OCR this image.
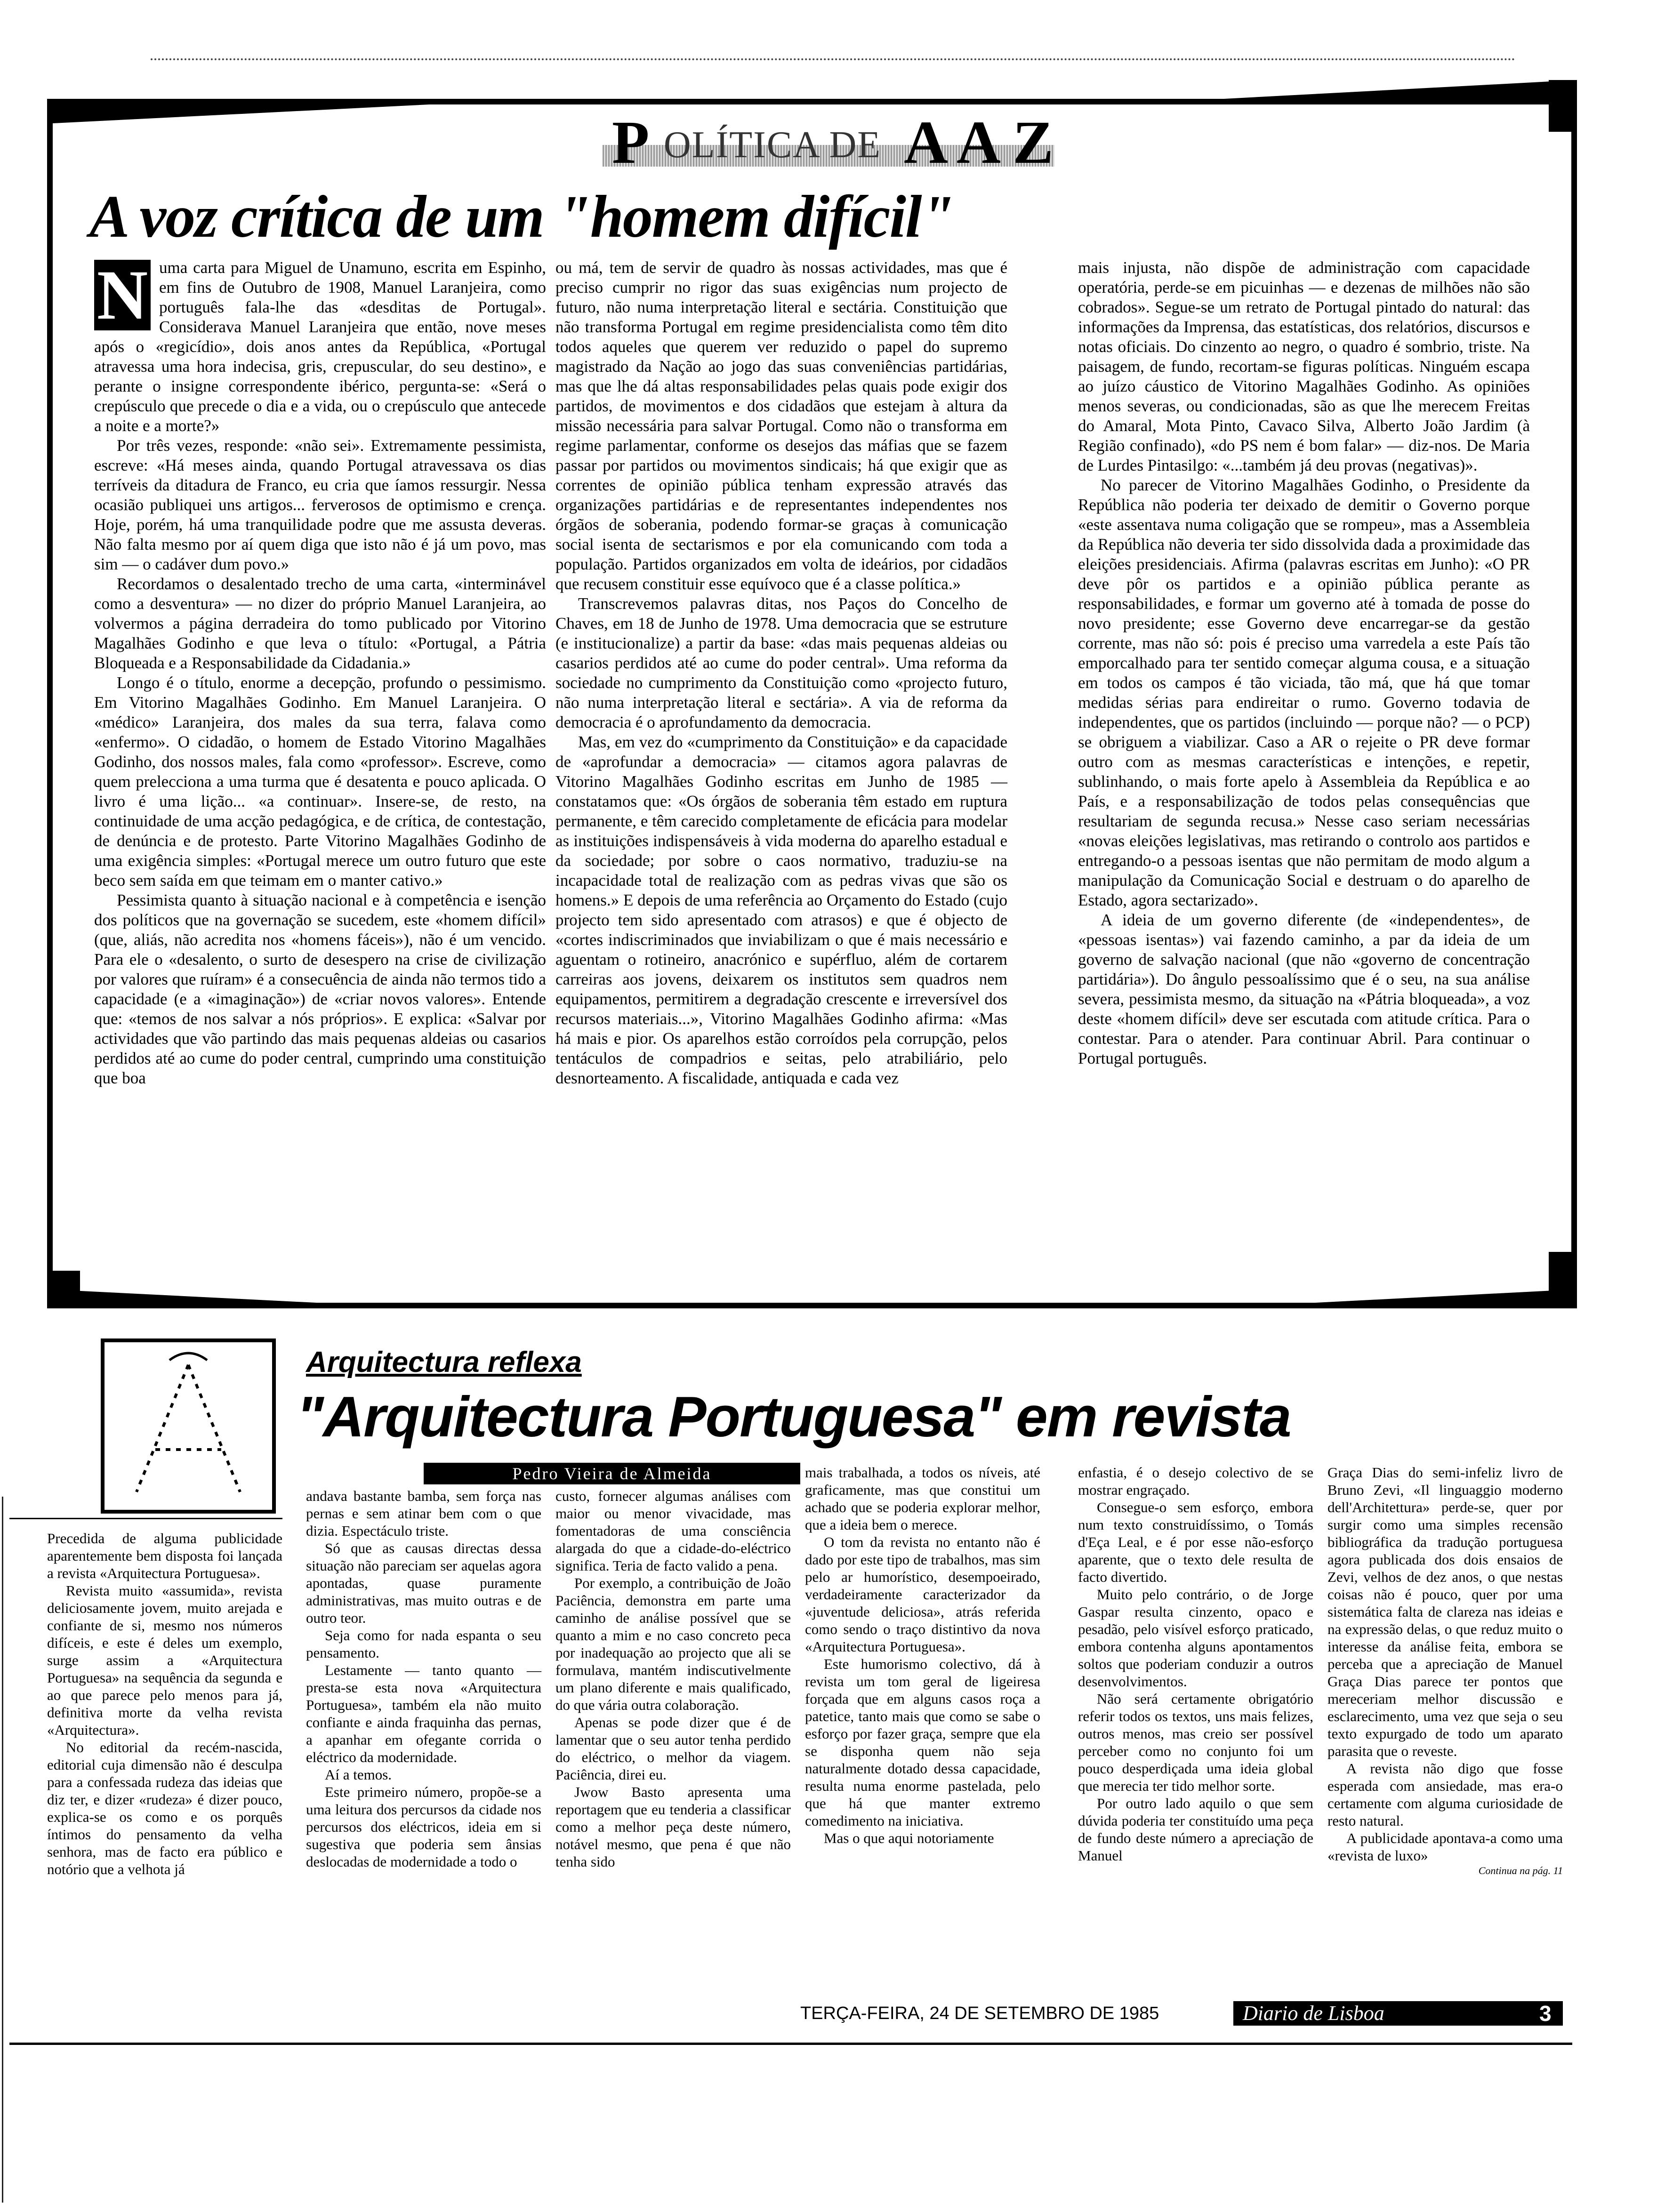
P OLÍTICA DE A A Z
A voz crítica de um "homem difícil"
N uma carta para Miguel de Unamuno, escrita em Espinho, em fins de Outubro de 1908, Manuel Laranjeira, como português fala-lhe das «desditas de Portugal». Considerava Manuel Laranjeira que então, nove meses após o «regicídio», dois anos antes da República, «Portugal atravessa uma hora indecisa, gris, crepuscular, do seu destino», e perante o insigne correspondente ibérico, pergunta-se: «Será o crepúsculo que precede o dia e a vida, ou o crepúsculo que antecede a noite e a morte?»

Por três vezes, responde: «não sei». Extremamente pessimista, escreve: «Há meses ainda, quando Portugal atravessava os dias terríveis da ditadura de Franco, eu cria que íamos ressurgir. Nessa ocasião publiquei uns artigos... ferverosos de optimismo e crença. Hoje, porém, há uma tranquilidade podre que me assusta deveras. Não falta mesmo por aí quem diga que isto não é já um povo, mas sim — o cadáver dum povo.»

Recordamos o desalentado trecho de uma carta, «interminável como a desventura» — no dizer do próprio Manuel Laranjeira, ao volvermos a página derradeira do tomo publicado por Vitorino Magalhães Godinho e que leva o título: «Portugal, a Pátria Bloqueada e a Responsabilidade da Cidadania.»

Longo é o título, enorme a decepção, profundo o pessimismo. Em Vitorino Magalhães Godinho. Em Manuel Laranjeira. O «médico» Laranjeira, dos males da sua terra, falava como «enfermo». O cidadão, o homem de Estado Vitorino Magalhães Godinho, dos nossos males, fala como «professor». Escreve, como quem prelecciona a uma turma que é desatenta e pouco aplicada. O livro é uma lição... «a continuar». Insere-se, de resto, na continuidade de uma acção pedagógica, e de crítica, de contestação, de denúncia e de protesto. Parte Vitorino Magalhães Godinho de uma exigência simples: «Portugal merece um outro futuro que este beco sem saída em que teimam em o manter cativo.»

Pessimista quanto à situação nacional e à competência e isenção dos políticos que na governação se sucedem, este «homem difícil» (que, aliás, não acredita nos «homens fáceis»), não é um vencido. Para ele o «desalento, o surto de desespero na crise de civilização por valores que ruíram» é a consecuência de ainda não termos tido a capacidade (e a «imaginação») de «criar novos valores». Entende que: «temos de nos salvar a nós próprios». E explica: «Salvar por actividades que vão partindo das mais pequenas aldeias ou casarios perdidos até ao cume do poder central, cumprindo uma constituição que boa

ou má, tem de servir de quadro às nossas actividades, mas que é preciso cumprir no rigor das suas exigências num projecto de futuro, não numa interpretação literal e sectária. Constituição que não transforma Portugal em regime presidencialista como têm dito todos aqueles que querem ver reduzido o papel do supremo magistrado da Nação ao jogo das suas conveniências partidárias, mas que lhe dá altas responsabilidades pelas quais pode exigir dos partidos, de movimentos e dos cidadãos que estejam à altura da missão necessária para salvar Portugal. Como não o transforma em regime parlamentar, conforme os desejos das máfias que se fazem passar por partidos ou movimentos sindicais; há que exigir que as correntes de opinião pública tenham expressão através das organizações partidárias e de representantes independentes nos órgãos de soberania, podendo formar-se graças à comunicação social isenta de sectarismos e por ela comunicando com toda a população. Partidos organizados em volta de ideários, por cidadãos que recusem constituir esse equívoco que é a classe política.»

Transcrevemos palavras ditas, nos Paços do Concelho de Chaves, em 18 de Junho de 1978. Uma democracia que se estruture (e institucionalize) a partir da base: «das mais pequenas aldeias ou casarios perdidos até ao cume do poder central». Uma reforma da sociedade no cumprimento da Constituição como «projecto futuro, não numa interpretação literal e sectária». A via de reforma da democracia é o aprofundamento da democracia.

Mas, em vez do «cumprimento da Constituição» e da capacidade de «aprofundar a democracia» — citamos agora palavras de Vitorino Magalhães Godinho escritas em Junho de 1985 — constatamos que: «Os órgãos de soberania têm estado em ruptura permanente, e têm carecido completamente de eficácia para modelar as instituições indispensáveis à vida moderna do aparelho estadual e da sociedade; por sobre o caos normativo, traduziu-se na incapacidade total de realização com as pedras vivas que são os homens.» E depois de uma referência ao Orçamento do Estado (cujo projecto tem sido apresentado com atrasos) e que é objecto de «cortes indiscriminados que inviabilizam o que é mais necessário e aguentam o rotineiro, anacrónico e supérfluo, além de cortarem carreiras aos jovens, deixarem os institutos sem quadros nem equipamentos, permitirem a degradação crescente e irreversível dos recursos materiais...», Vitorino Magalhães Godinho afirma: «Mas há mais e pior. Os aparelhos estão corroídos pela corrupção, pelos tentáculos de compadrios e seitas, pelo atrabiliário, pelo desnorteamento. A fiscalidade, antiquada e cada vez

mais injusta, não dispõe de administração com capacidade operatória, perde-se em picuinhas — e dezenas de milhões não são cobrados». Segue-se um retrato de Portugal pintado do natural: das informações da Imprensa, das estatísticas, dos relatórios, discursos e notas oficiais. Do cinzento ao negro, o quadro é sombrio, triste. Na paisagem, de fundo, recortam-se figuras políticas. Ninguém escapa ao juízo cáustico de Vitorino Magalhães Godinho. As opiniões menos severas, ou condicionadas, são as que lhe merecem Freitas do Amaral, Mota Pinto, Cavaco Silva, Alberto João Jardim (à Região confinado), «do PS nem é bom falar» — diz-nos. De Maria de Lurdes Pintasilgo: «...também já deu provas (negativas)».

No parecer de Vitorino Magalhães Godinho, o Presidente da República não poderia ter deixado de demitir o Governo porque «este assentava numa coligação que se rompeu», mas a Assembleia da República não deveria ter sido dissolvida dada a proximidade das eleições presidenciais. Afirma (palavras escritas em Junho): «O PR deve pôr os partidos e a opinião pública perante as responsabilidades, e formar um governo até à tomada de posse do novo presidente; esse Governo deve encarregar-se da gestão corrente, mas não só: pois é preciso uma varredela a este País tão emporcalhado para ter sentido começar alguma cousa, e a situação em todos os campos é tão viciada, tão má, que há que tomar medidas sérias para endireitar o rumo. Governo todavia de independentes, que os partidos (incluindo — porque não? — o PCP) se obriguem a viabilizar. Caso a AR o rejeite o PR deve formar outro com as mesmas características e intenções, e repetir, sublinhando, o mais forte apelo à Assembleia da República e ao País, e a responsabilização de todos pelas consequências que resultariam de segunda recusa.» Nesse caso seriam necessárias «novas eleições legislativas, mas retirando o controlo aos partidos e entregando-o a pessoas isentas que não permitam de modo algum a manipulação da Comunicação Social e destruam o do aparelho de Estado, agora sectarizado».

A ideia de um governo diferente (de «independentes», de «pessoas isentas») vai fazendo caminho, a par da ideia de um governo de salvação nacional (que não «governo de concentração partidária»). Do ângulo pessoalíssimo que é o seu, na sua análise severa, pessimista mesmo, da situação na «Pátria bloqueada», a voz deste «homem difícil» deve ser escutada com atitude crítica. Para o contestar. Para o atender. Para continuar Abril. Para continuar o Portugal português.

Arquitectura reflexa
"Arquitectura Portuguesa" em revista
Pedro Vieira de Almeida

Precedida de alguma publicidade aparentemente bem disposta foi lançada a revista «Arquitectura Portuguesa».

Revista muito «assumida», revista deliciosamente jovem, muito arejada e confiante de si, mesmo nos números difíceis, e este é deles um exemplo, surge assim a «Arquitectura Portuguesa» na sequência da segunda e ao que parece pelo menos para já, definitiva morte da velha revista «Arquitectura».

No editorial da recém-nascida, editorial cuja dimensão não é desculpa para a confessada rudeza das ideias que diz ter, e dizer «rudeza» é dizer pouco, explica-se os como e os porquês íntimos do pensamento da velha senhora, mas de facto era público e notório que a velhota já

andava bastante bamba, sem força nas pernas e sem atinar bem com o que dizia. Espectáculo triste.

Só que as causas directas dessa situação não pareciam ser aquelas agora apontadas, quase puramente administrativas, mas muito outras e de outro teor.

Seja como for nada espanta o seu pensamento.

Lestamente — tanto quanto — presta-se esta nova «Arquitectura Portuguesa», também ela não muito confiante e ainda fraquinha das pernas, a apanhar em ofegante corrida o eléctrico da modernidade.

Aí a temos.

Este primeiro número, propõe-se a uma leitura dos percursos da cidade nos percursos dos eléctricos, ideia em si sugestiva que poderia sem ânsias deslocadas de modernidade a todo o

custo, fornecer algumas análises com maior ou menor vivacidade, mas fomentadoras de uma consciência alargada do que a cidade-do-eléctrico significa. Teria de facto valido a pena.

Por exemplo, a contribuição de João Paciência, demonstra em parte uma caminho de análise possível que se quanto a mim e no caso concreto peca por inadequação ao projecto que ali se formulava, mantém indiscutivelmente um plano diferente e mais qualificado, do que vária outra colaboração.

Apenas se pode dizer que é de lamentar que o seu autor tenha perdido do eléctrico, o melhor da viagem. Paciência, direi eu.

Jwow Basto apresenta uma reportagem que eu tenderia a classificar como a melhor peça deste número, notável mesmo, que pena é que não tenha sido

mais trabalhada, a todos os níveis, até graficamente, mas que constitui um achado que se poderia explorar melhor, que a ideia bem o merece.

O tom da revista no entanto não é dado por este tipo de trabalhos, mas sim pelo ar humorístico, desempoeirado, verdadeiramente caracterizador da «juventude deliciosa», atrás referida como sendo o traço distintivo da nova «Arquitectura Portuguesa».

Este humorismo colectivo, dá à revista um tom geral de ligeiresa forçada que em alguns casos roça a patetice, tanto mais que como se sabe o esforço por fazer graça, sempre que ela se disponha quem não seja naturalmente dotado dessa capacidade, resulta numa enorme pastelada, pelo que há que manter extremo comedimento na iniciativa.

Mas o que aqui notoriamente

enfastia, é o desejo colectivo de se mostrar engraçado.

Consegue-o sem esforço, embora num texto construidíssimo, o Tomás d'Eça Leal, e é por esse não-esforço aparente, que o texto dele resulta de facto divertido.

Muito pelo contrário, o de Jorge Gaspar resulta cinzento, opaco e pesadão, pelo visível esforço praticado, embora contenha alguns apontamentos soltos que poderiam conduzir a outros desenvolvimentos.

Não será certamente obrigatório referir todos os textos, uns mais felizes, outros menos, mas creio ser possível perceber como no conjunto foi um pouco desperdiçada uma ideia global que merecia ter tido melhor sorte.

Por outro lado aquilo o que sem dúvida poderia ter constituído uma peça de fundo deste número a apreciação de Manuel

Graça Dias do semi-infeliz livro de Bruno Zevi, «Il linguaggio moderno dell'Architettura» perde-se, quer por surgir como uma simples recensão bibliográfica da tradução portuguesa agora publicada dos dois ensaios de Zevi, velhos de dez anos, o que nestas coisas não é pouco, quer por uma sistemática falta de clareza nas ideias e na expressão delas, o que reduz muito o interesse da análise feita, embora se perceba que a apreciação de Manuel Graça Dias parece ter pontos que mereceriam melhor discussão e esclarecimento, uma vez que seja o seu texto expurgado de todo um aparato parasita que o reveste.

A revista não digo que fosse esperada com ansiedade, mas era-o certamente com alguma curiosidade de resto natural.

A publicidade apontava-a como uma «revista de luxo»

Continua na pág. 11
TERÇA-FEIRA, 24 DE SETEMBRO DE 1985	Diario de Lisboa	3
